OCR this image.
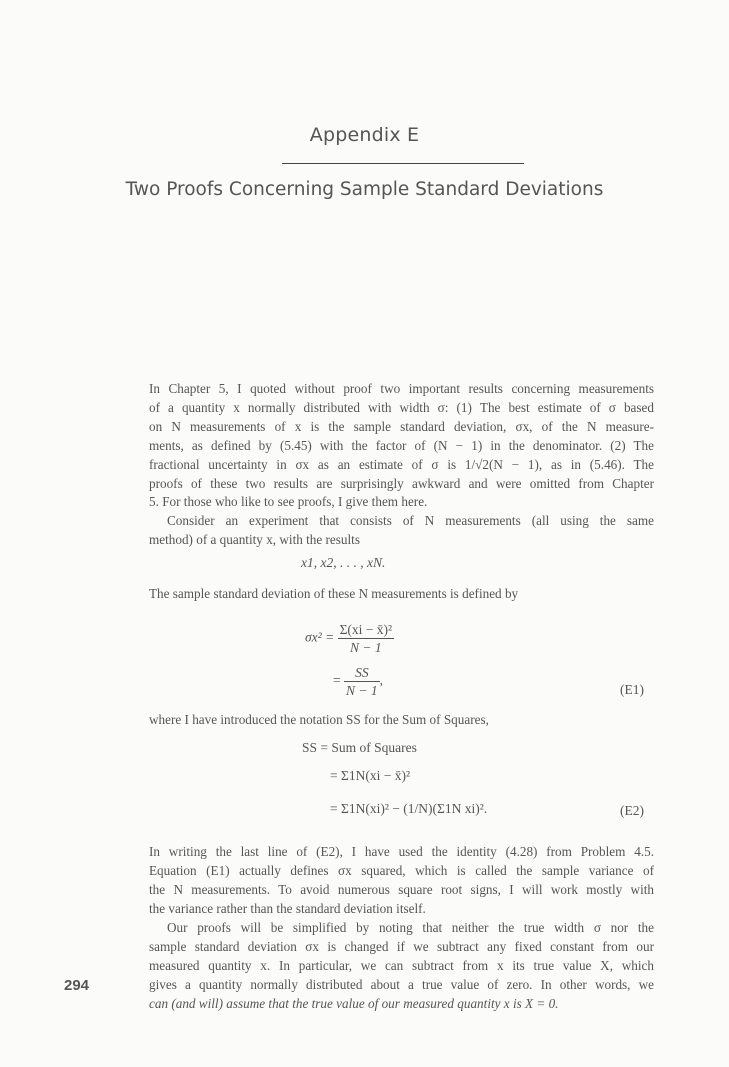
Appendix E
Two Proofs Concerning Sample Standard Deviations
In Chapter 5, I quoted without proof two important results concerning measurements
of a quantity x normally distributed with width σ: (1) The best estimate of σ based
on N measurements of x is the sample standard deviation, σx, of the N measure-
ments, as defined by (5.45) with the factor of (N − 1) in the denominator. (2) The
fractional uncertainty in σx as an estimate of σ is 1/√2(N − 1), as in (5.46). The
proofs of these two results are surprisingly awkward and were omitted from Chapter
5. For those who like to see proofs, I give them here.
Consider an experiment that consists of N measurements (all using the same
method) of a quantity x, with the results
x1, x2, . . . , xN.
The sample standard deviation of these N measurements is defined by
$\sigma x^2 = \frac{\text{Σ(xi − x̄)²}}{N - 1}$
= $\frac{SS}{N - 1}$ ,
(E1)
where I have introduced the notation SS for the Sum of Squares,
SS = Sum of Squares
= Σ1N(xi − x̄)²
= Σ1N(xi)² − (1/N)(Σ1N xi)².	(E2)
In writing the last line of (E2), I have used the identity (4.28) from Problem 4.5.
Equation (E1) actually defines σx squared, which is called the sample variance of
the N measurements. To avoid numerous square root signs, I will work mostly with
the variance rather than the standard deviation itself.
Our proofs will be simplified by noting that neither the true width σ nor the
sample standard deviation σx is changed if we subtract any fixed constant from our
measured quantity x. In particular, we can subtract from x its true value X, which
gives a quantity normally distributed about a true value of zero. In other words, we
can (and will) assume that the true value of our measured quantity x is X = 0.
294
